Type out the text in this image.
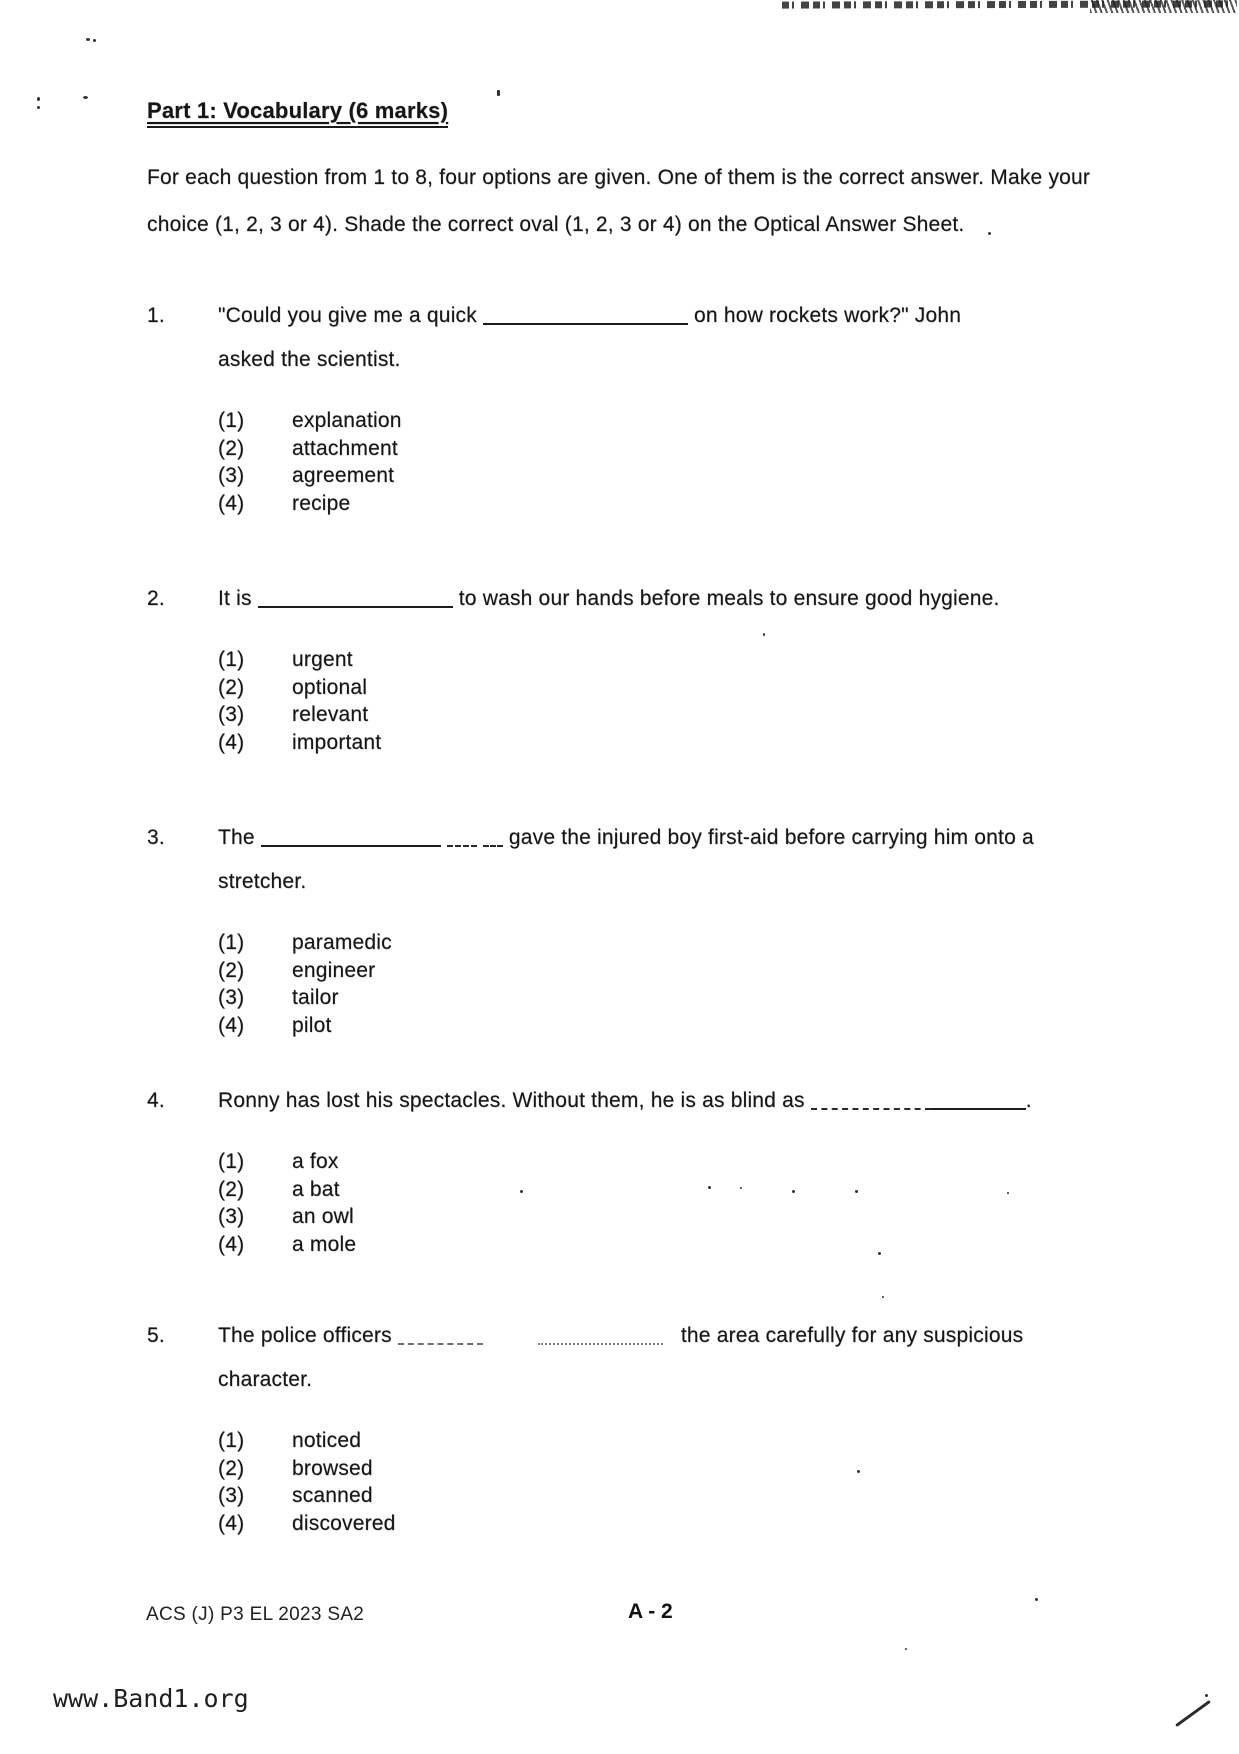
Part 1: Vocabulary (6 marks)

For each question from 1 to 8, four options are given. One of them is the correct answer. Make your choice (1, 2, 3 or 4). Shade the correct oval (1, 2, 3 or 4) on the Optical Answer Sheet.

1.	"Could you give me a quick	on how rockets work?" John
asked the scientist.
(1) explanation
(2) attachment
(3) agreement
(4) recipe
2.	It is	to wash our hands before meals to ensure good hygiene.
(1) urgent
(2) optional
(3) relevant
(4) important
3.	The	gave the injured boy first-aid before carrying him onto a
stretcher.
(1) paramedic
(2) engineer
(3) tailor
(4) pilot
4.	Ronny has lost his spectacles. Without them, he is as blind as	.
(1) a fox
(2) a bat
(3) an owl
(4) a mole
5.	The police officers	the area carefully for any suspicious
character.
(1) noticed
(2) browsed
(3) scanned
(4) discovered
ACS (J) P3 EL 2023 SA2	A - 2
www.Band1.org
